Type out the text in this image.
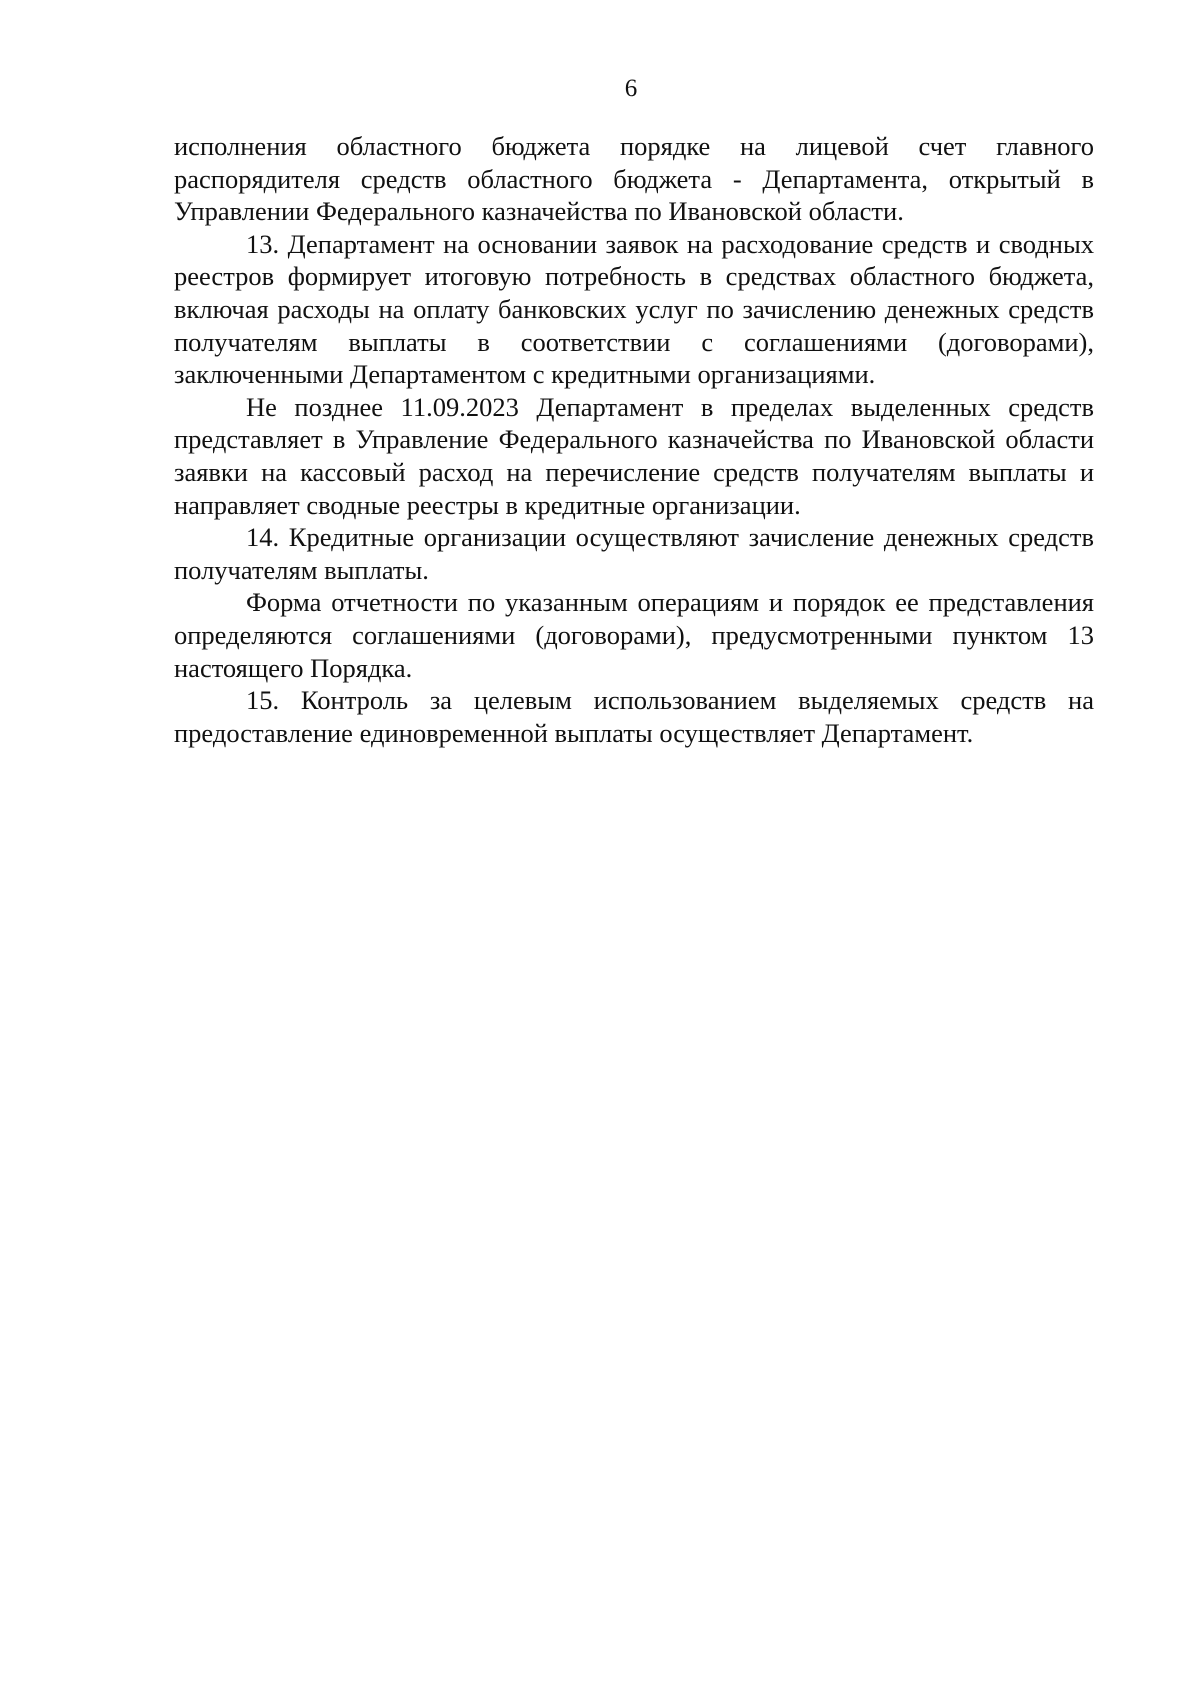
6

исполнения областного бюджета порядке на лицевой счет главного распорядителя средств областного бюджета - Департамента, открытый в Управлении Федерального казначейства по Ивановской области.

13. Департамент на основании заявок на расходование средств и сводных реестров формирует итоговую потребность в средствах областного бюджета, включая расходы на оплату банковских услуг по зачислению денежных средств получателям выплаты в соответствии с соглашениями (договорами), заключенными Департаментом с кредитными организациями.

Не позднее 11.09.2023 Департамент в пределах выделенных средств представляет в Управление Федерального казначейства по Ивановской области заявки на кассовый расход на перечисление средств получателям выплаты и направляет сводные реестры в кредитные организации.

14. Кредитные организации осуществляют зачисление денежных средств получателям выплаты.

Форма отчетности по указанным операциям и порядок ее представления определяются соглашениями (договорами), предусмотренными пунктом 13 настоящего Порядка.

15. Контроль за целевым использованием выделяемых средств на предоставление единовременной выплаты осуществляет Департамент.
